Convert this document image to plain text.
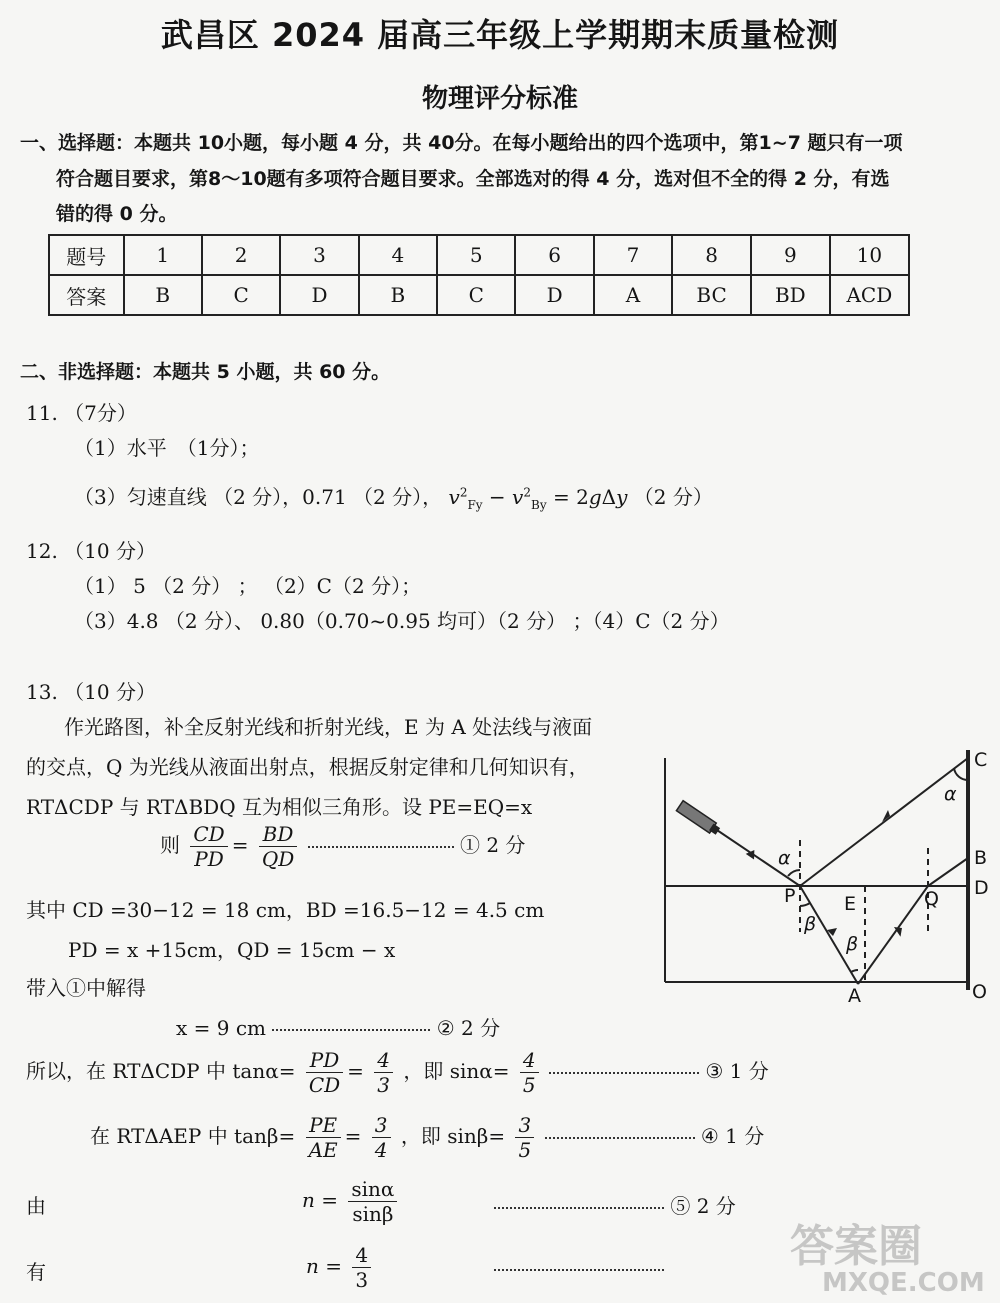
武昌区 2024 届高三年级上学期期末质量检测
物理评分标准
一、选择题：本题共 10小题，每小题 4 分，共 40分。在每小题给出的四个选项中，第1~7 题只有一项
符合题目要求，第8～10题有多项符合题目要求。全部选对的得 4 分，选对但不全的得 2 分，有选
错的得 0 分。
题号	1	2	3	4	5	6	7	8	9	10
答案	B	C	D	B	C	D	A	BC	BD	ACD
二、非选择题：本题共 5 小题，共 60 分。
11. （7分）
（1）水平　（1分）；
（3）匀速直线 （2 分），0.71 （2 分）， $v^2_{Fy} - v^2_{By} = 2g\Delta y$ （2 分）
12. （10 分）
（1） 5 （2 分） ； （2）C（2 分）；
（3）4.8 （2 分）、 0.80（0.70~0.95 均可）（2 分） ；（4）C（2 分）
13. （10 分）
作光路图，补全反射光线和折射光线，E 为 A 处法线与液面
的交点，Q 为光线从液面出射点，根据反射定律和几何知识有，
RTΔCDP 与 RTΔBDQ 互为相似三角形。设 PE=EQ=x
则 $\frac{CD}{PD} = \frac{BD}{QD}$	① 2 分
其中 CD =30−12 = 18 cm，BD =16.5−12 = 4.5 cm
PD = x +15cm，QD = 15cm − x
带入①中解得
x = 9 cm	② 2 分
所以，在 RTΔCDP 中 $\tan\alpha= \frac{PD}{CD} = \frac{4}{3}$ ，即 $\sin\alpha= \frac{4}{5}$	③ 1 分
在 RTΔAEP 中 $\tan\beta= \frac{PE}{AE} = \frac{3}{4}$ ，即 $\sin\beta= \frac{3}{5}$	④ 1 分
由	$n = \frac{\sin\alpha}{\sin\beta}$	⑤ 2 分
有	$n = \frac{4}{3}$
C
B
D
O
A
P	E	Q
α
β
β
α
答案圈
MXQE.COM
